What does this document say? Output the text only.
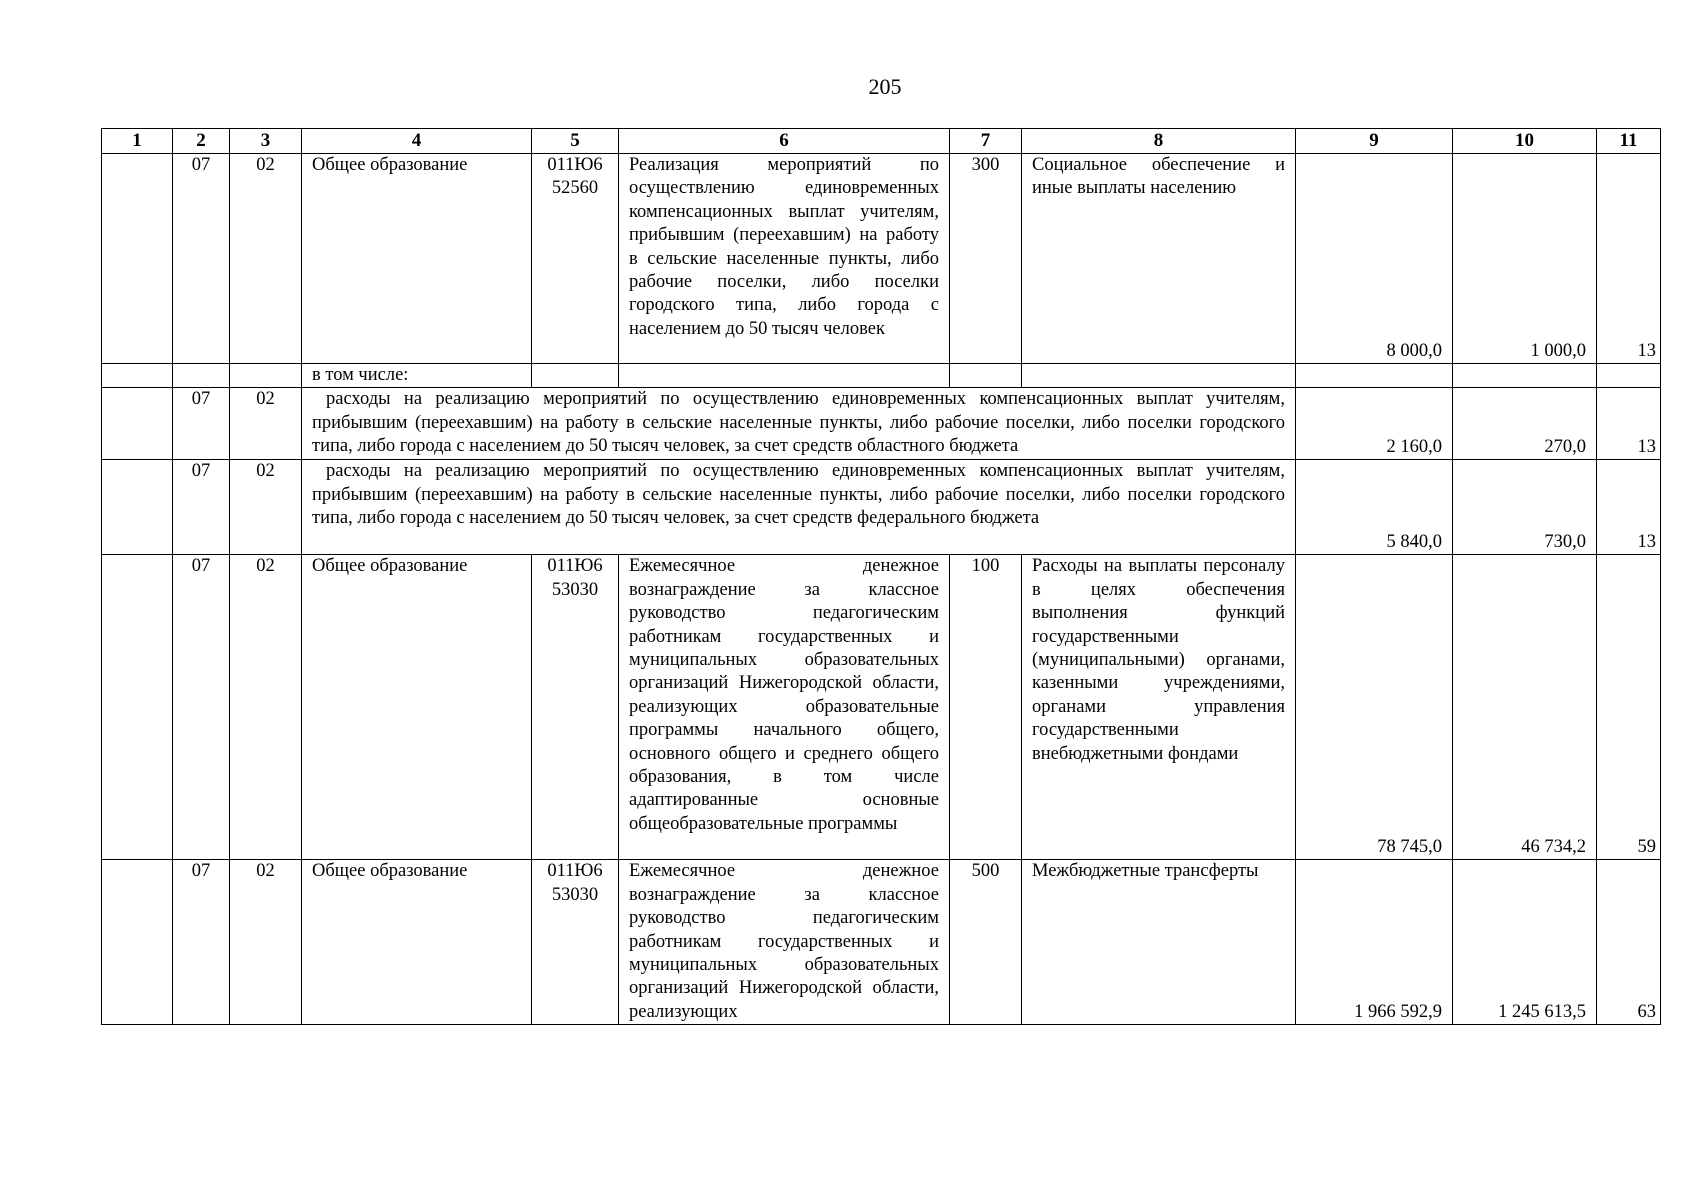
205
1	2	3	4	5	6	7	8	9	10	11
	07	02	Общее образование	011Ю6 52560	Реализация мероприятий по осуществлению единовременных компенсационных выплат учителям, прибывшим (переехавшим) на работу в сельские населенные пункты, либо рабочие поселки, либо поселки городского типа, либо города с населением до 50 тысяч человек	300	Социальное обеспечение и иные выплаты населению	8 000,0	1 000,0	13
			в том числе:							
	07	02	расходы на реализацию мероприятий по осуществлению единовременных компенсационных выплат учителям, прибывшим (переехавшим) на работу в сельские населенные пункты, либо рабочие поселки, либо поселки городского типа, либо города с населением до 50 тысяч человек, за счет средств областного бюджета					2 160,0	270,0	13
	07	02	расходы на реализацию мероприятий по осуществлению единовременных компенсационных выплат учителям, прибывшим (переехавшим) на работу в сельские населенные пункты, либо рабочие поселки, либо поселки городского типа, либо города с населением до 50 тысяч человек, за счет средств федерального бюджета					5 840,0	730,0	13
	07	02	Общее образование	011Ю6 53030	Ежемесячное денежное вознаграждение за классное руководство педагогическим работникам государственных и муниципальных образовательных организаций Нижегородской области, реализующих образовательные программы начального общего, основного общего и среднего общего образования, в том числе адаптированные основные общеобразовательные программы	100	Расходы на выплаты персоналу в целях обеспечения выполнения функций государственными (муниципальными) органами, казенными учреждениями, органами управления государственными внебюджетными фондами	78 745,0	46 734,2	59
	07	02	Общее образование	011Ю6 53030	Ежемесячное денежное вознаграждение за классное руководство педагогическим работникам государственных и муниципальных образовательных организаций Нижегородской области, реализующих	500	Межбюджетные трансферты	1 966 592,9	1 245 613,5	63
